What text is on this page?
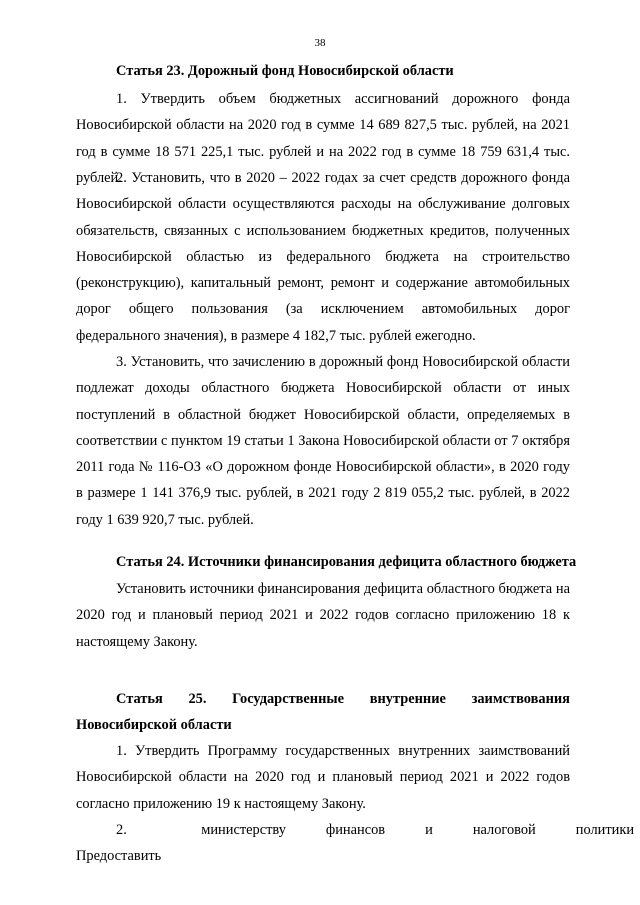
38
Статья 23. Дорожный фонд Новосибирской области
1. Утвердить объем бюджетных ассигнований дорожного фонда Новосибирской области на 2020 год в сумме 14 689 827,5 тыс. рублей, на 2021 год в сумме 18 571 225,1 тыс. рублей и на 2022 год в сумме 18 759 631,4 тыс. рублей.
2. Установить, что в 2020 – 2022 годах за счет средств дорожного фонда Новосибирской области осуществляются расходы на обслуживание долговых обязательств, связанных с использованием бюджетных кредитов, полученных Новосибирской областью из федерального бюджета на строительство (реконструкцию), капитальный ремонт, ремонт и содержание автомобильных дорог общего пользования (за исключением автомобильных дорог федерального значения), в размере 4 182,7 тыс. рублей ежегодно.
3. Установить, что зачислению в дорожный фонд Новосибирской области подлежат доходы областного бюджета Новосибирской области от иных поступлений в областной бюджет Новосибирской области, определяемых в соответствии с пунктом 19 статьи 1 Закона Новосибирской области от 7 октября 2011 года № 116-ОЗ «О дорожном фонде Новосибирской области», в 2020 году в размере 1 141 376,9 тыс. рублей, в 2021 году 2 819 055,2 тыс. рублей, в 2022 году 1 639 920,7 тыс. рублей.
Статья 24. Источники финансирования дефицита областного бюджета
Установить источники финансирования дефицита областного бюджета на 2020 год и плановый период 2021 и 2022 годов согласно приложению 18 к настоящему Закону.
Статья 25. Государственные внутренние заимствования
Новосибирской области
1. Утвердить Программу государственных внутренних заимствований Новосибирской области на 2020 год и плановый период 2021 и 2022 годов согласно приложению 19 к настоящему Закону.
2. Предоставить
министерству	финансов	и	налоговой	политики
